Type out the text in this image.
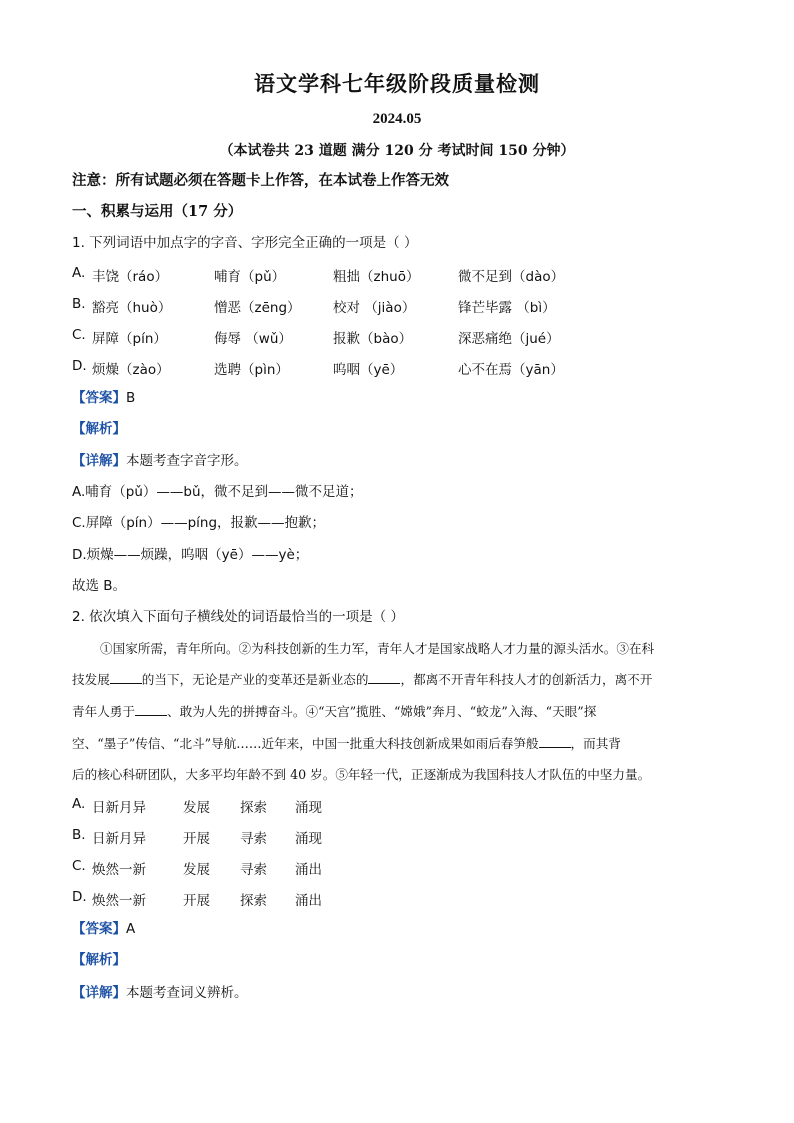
语文学科七年级阶段质量检测
2024.05
（本试卷共 23 道题 满分 120 分 考试时间 150 分钟）
注意：所有试题必须在答题卡上作答，在本试卷上作答无效
一、积累与运用（17 分）
1. 下列词语中加点字的字音、字形完全正确的一项是（ ）
A. 丰饶（ráo）	哺育（pǔ）	粗拙（zhuō）	微不足到（dào）
B. 豁亮（huò）	憎恶（zēng） 校对 （jiào）	锋芒毕露 （bì）
C. 屏障（pín）	侮辱 （wǔ）	报歉（bào）	深恶痛绝（jué）
D. 烦燥（zào）	选聘（pìn）	呜咽（yē）	心不在焉（yān）
【答案】B
【解析】
【详解】本题考查字音字形。
A.哺育（pǔ）——bǔ，微不足到——微不足道；
C.屏障（pín）——píng，报歉——抱歉；
D.烦燥——烦躁，呜咽（yē）——yè；
故选 B。
2. 依次填入下面句子横线处的词语最恰当的一项是（ ）
①国家所需，青年所向。②为科技创新的生力军，青年人才是国家战略人才力量的源头活水。③在科
技发展	的当下，无论是产业的变革还是新业态的	，都离不开青年科技人才的创新活力，离不开
青年人勇于	、敢为人先的拼搏奋斗。④“天宫”揽胜、“嫦娥”奔月、“蛟龙”入海、“天眼”探
空、“墨子”传信、“北斗”导航……近年来，中国一批重大科技创新成果如雨后春笋般	，而其背
后的核心科研团队，大多平均年龄不到 40 岁。⑤年轻一代，正逐渐成为我国科技人才队伍的中坚力量。
A. 日新月异	发展 探索 涌现
B. 日新月异	开展 寻索 涌现
C. 焕然一新	发展 寻索 涌出
D. 焕然一新	开展 探索 涌出
【答案】A
【解析】
【详解】本题考查词义辨析。
